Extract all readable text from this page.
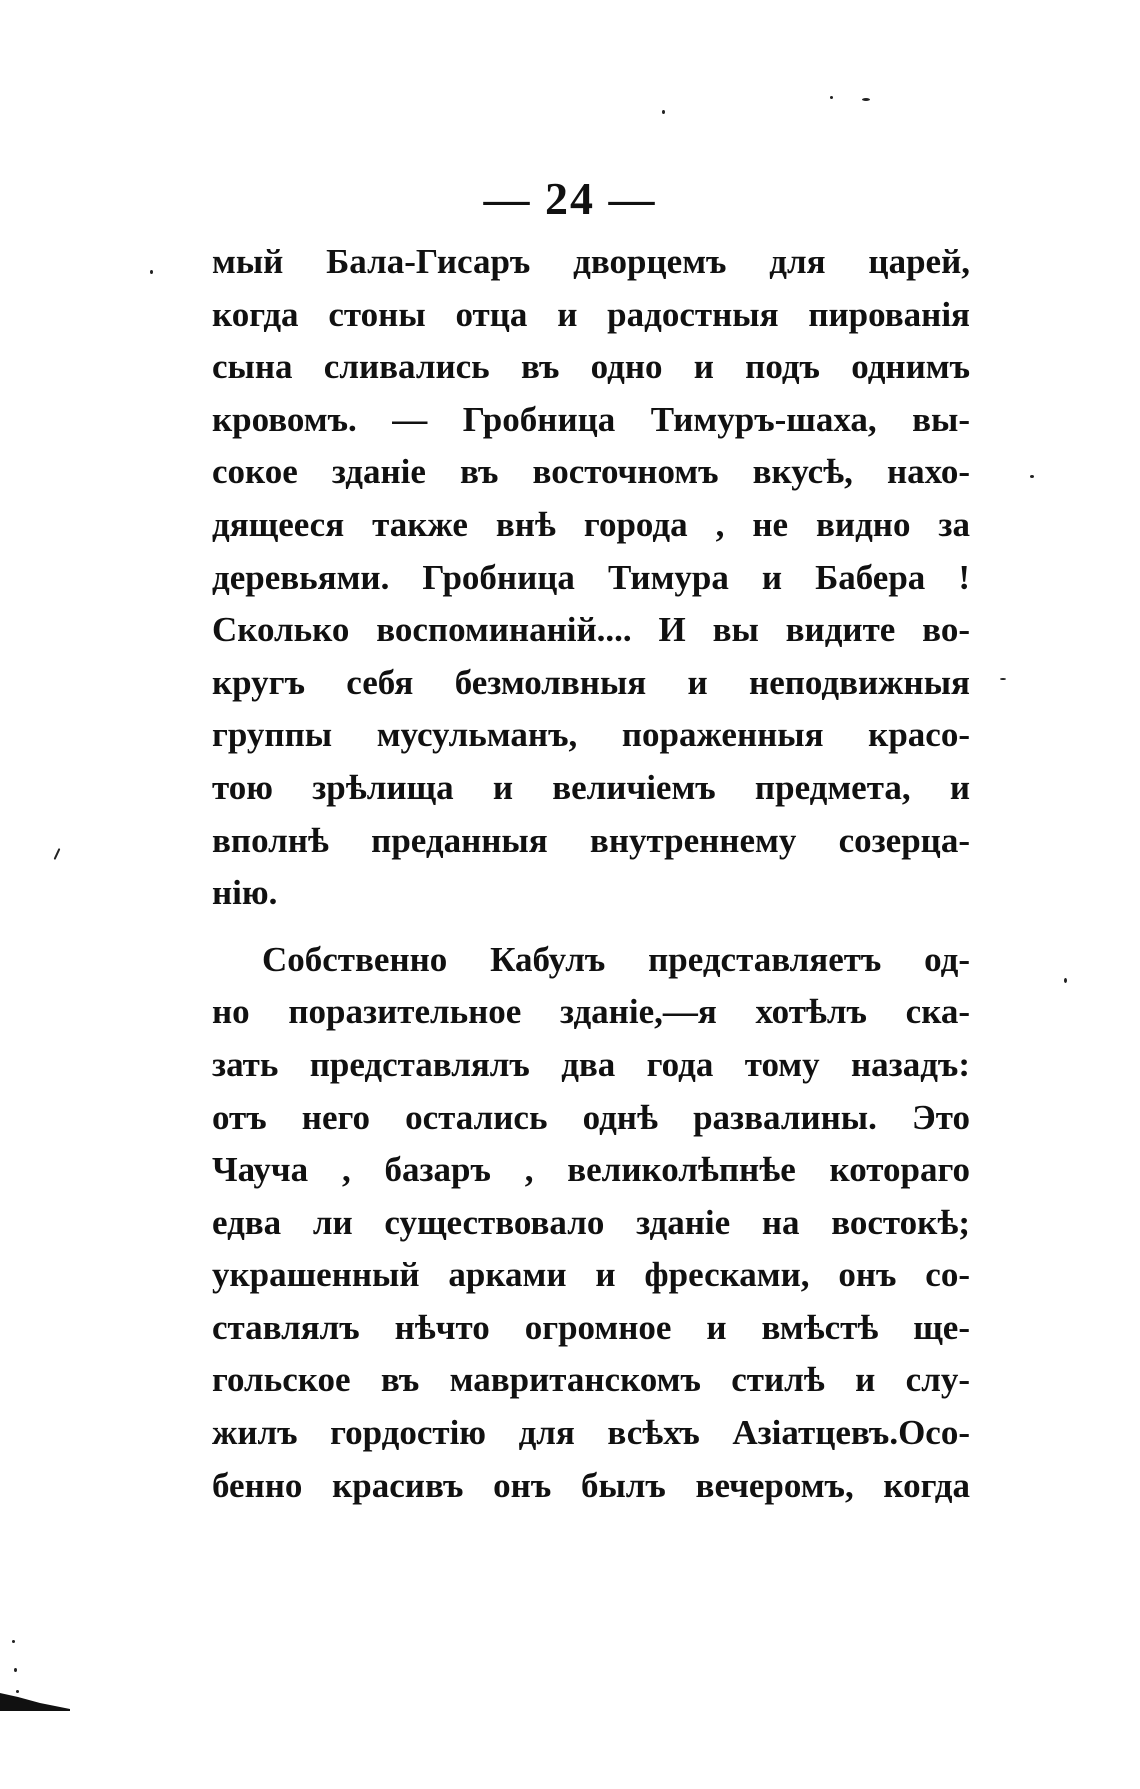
— 24 —
мый Бала-Гисаръ дворцемъ для царей,
когда стоны отца и радостныя пированія
сына сливались въ одно и подъ однимъ
кровомъ. — Гробница Тимуръ-шаха, вы-
сокое зданіе въ восточномъ вкусѣ, нахо-
дящееся также внѣ города , не видно за
деревьями. Гробница Тимура и Бабера !
Сколько воспоминаній.... И вы видите во-
кругъ себя безмолвныя и неподвижныя
группы мусульманъ, пораженныя красо-
тою зрѣлища и величіемъ предмета, и
вполнѣ преданныя внутреннему созерца-
нію.
Собственно Кабулъ представляетъ од-
но поразительное зданіе,—я хотѣлъ ска-
зать представлялъ два года тому назадъ:
отъ него остались однѣ развалины. Это
Чауча , базаръ , великолѣпнѣе котораго
едва ли существовало зданіе на востокѣ;
украшенный арками и фресками, онъ со-
ставлялъ нѣчто огромное и вмѣстѣ ще-
гольское въ мавританскомъ стилѣ и слу-
жилъ гордостію для всѣхъ Азіатцевъ.Осо-
бенно красивъ онъ былъ вечеромъ, когда
